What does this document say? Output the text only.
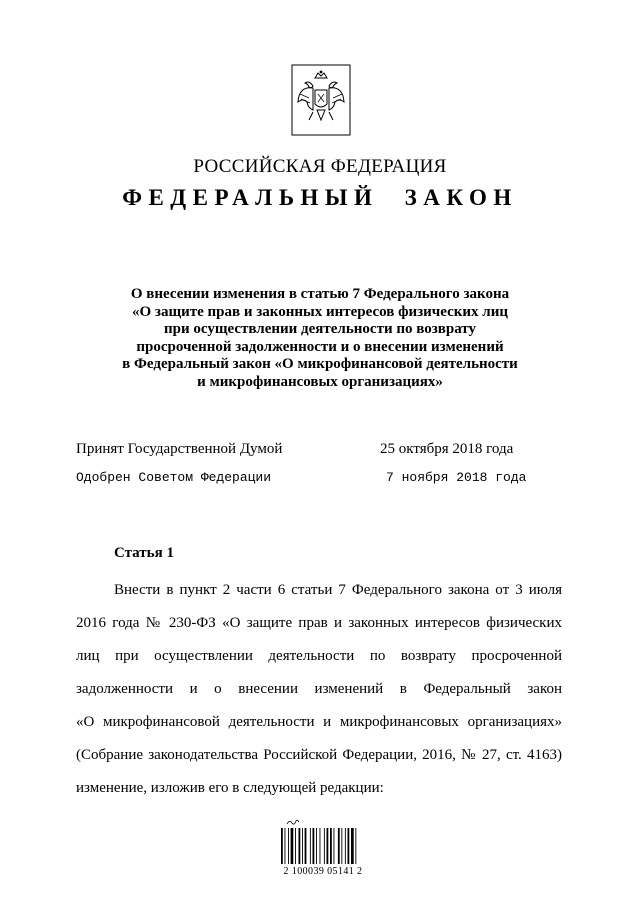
РОССИЙСКАЯ ФЕДЕРАЦИЯ
ФЕДЕРАЛЬНЫЙ ЗАКОН
О внесении изменения в статью 7 Федерального закона
«О защите прав и законных интересов физических лиц
при осуществлении деятельности по возврату
просроченной задолженности и о внесении изменений
в Федеральный закон «О микрофинансовой деятельности
и микрофинансовых организациях»
Принят Государственной Думой	25 октября 2018 года
Одобрен Советом Федерации	7 ноября 2018 года
Статья 1
Внести в пункт 2 части 6 статьи 7 Федерального закона от 3 июля
2016 года № 230-ФЗ «О защите прав и законных интересов физических
лиц при осуществлении деятельности по возврату просроченной
задолженности и о внесении изменений в Федеральный закон
«О микрофинансовой деятельности и микрофинансовых организациях»
(Собрание законодательства Российской Федерации, 2016, № 27, ст. 4163)
изменение, изложив его в следующей редакции:
2 100039 05141 2
